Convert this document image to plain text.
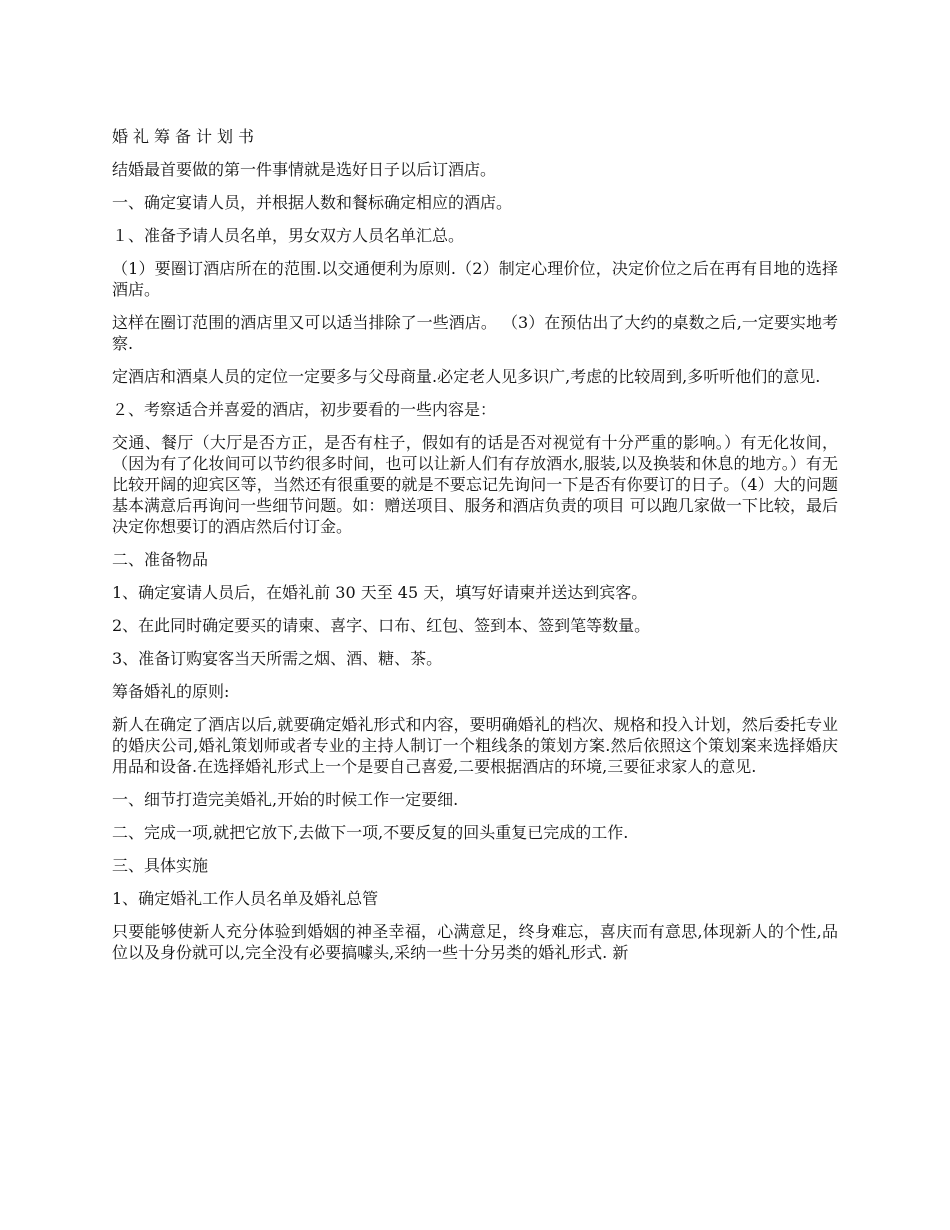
婚礼筹备计划书

结婚最首要做的第一件事情就是选好日子以后订酒店。

一、确定宴请人员，并根据人数和餐标确定相应的酒店。

１、准备予请人员名单，男女双方人员名单汇总。

（1）要圈订酒店所在的范围.以交通便利为原则.（2）制定心理价位，决定价位之后在再有目地的选择酒店。

这样在圈订范围的酒店里又可以适当排除了一些酒店。 （3）在预估出了大约的桌数之后,一定要实地考察.

定酒店和酒桌人员的定位一定要多与父母商量.必定老人见多识广,考虑的比较周到,多听听他们的意见.

２、考察适合并喜爱的酒店，初步要看的一些内容是：

交通、餐厅（大厅是否方正，是否有柱子，假如有的话是否对视觉有十分严重的影响。）有无化妆间，（因为有了化妆间可以节约很多时间，也可以让新人们有存放酒水,服装,以及换装和休息的地方。）有无比较开阔的迎宾区等，当然还有很重要的就是不要忘记先询问一下是否有你要订的日子。（4）大的问题基本满意后再询问一些细节问题。如：赠送项目、服务和酒店负责的项目 可以跑几家做一下比较，最后决定你想要订的酒店然后付订金。

二、准备物品

1、确定宴请人员后，在婚礼前 30 天至 45 天，填写好请柬并送达到宾客。

2、在此同时确定要买的请柬、喜字、口布、红包、签到本、签到笔等数量。

3、准备订购宴客当天所需之烟、酒、糖、茶。

筹备婚礼的原则:

新人在确定了酒店以后,就要确定婚礼形式和内容，要明确婚礼的档次、规格和投入计划，然后委托专业的婚庆公司,婚礼策划师或者专业的主持人制订一个粗线条的策划方案.然后依照这个策划案来选择婚庆用品和设备.在选择婚礼形式上一个是要自己喜爱,二要根据酒店的环境,三要征求家人的意见.

一、细节打造完美婚礼,开始的时候工作一定要细.

二、完成一项,就把它放下,去做下一项,不要反复的回头重复已完成的工作.

三、具体实施

1、确定婚礼工作人员名单及婚礼总管

只要能够使新人充分体验到婚姻的神圣幸福，心满意足，终身难忘，喜庆而有意思,体现新人的个性,品位以及身份就可以,完全没有必要搞噱头,采纳一些十分另类的婚礼形式. 新
